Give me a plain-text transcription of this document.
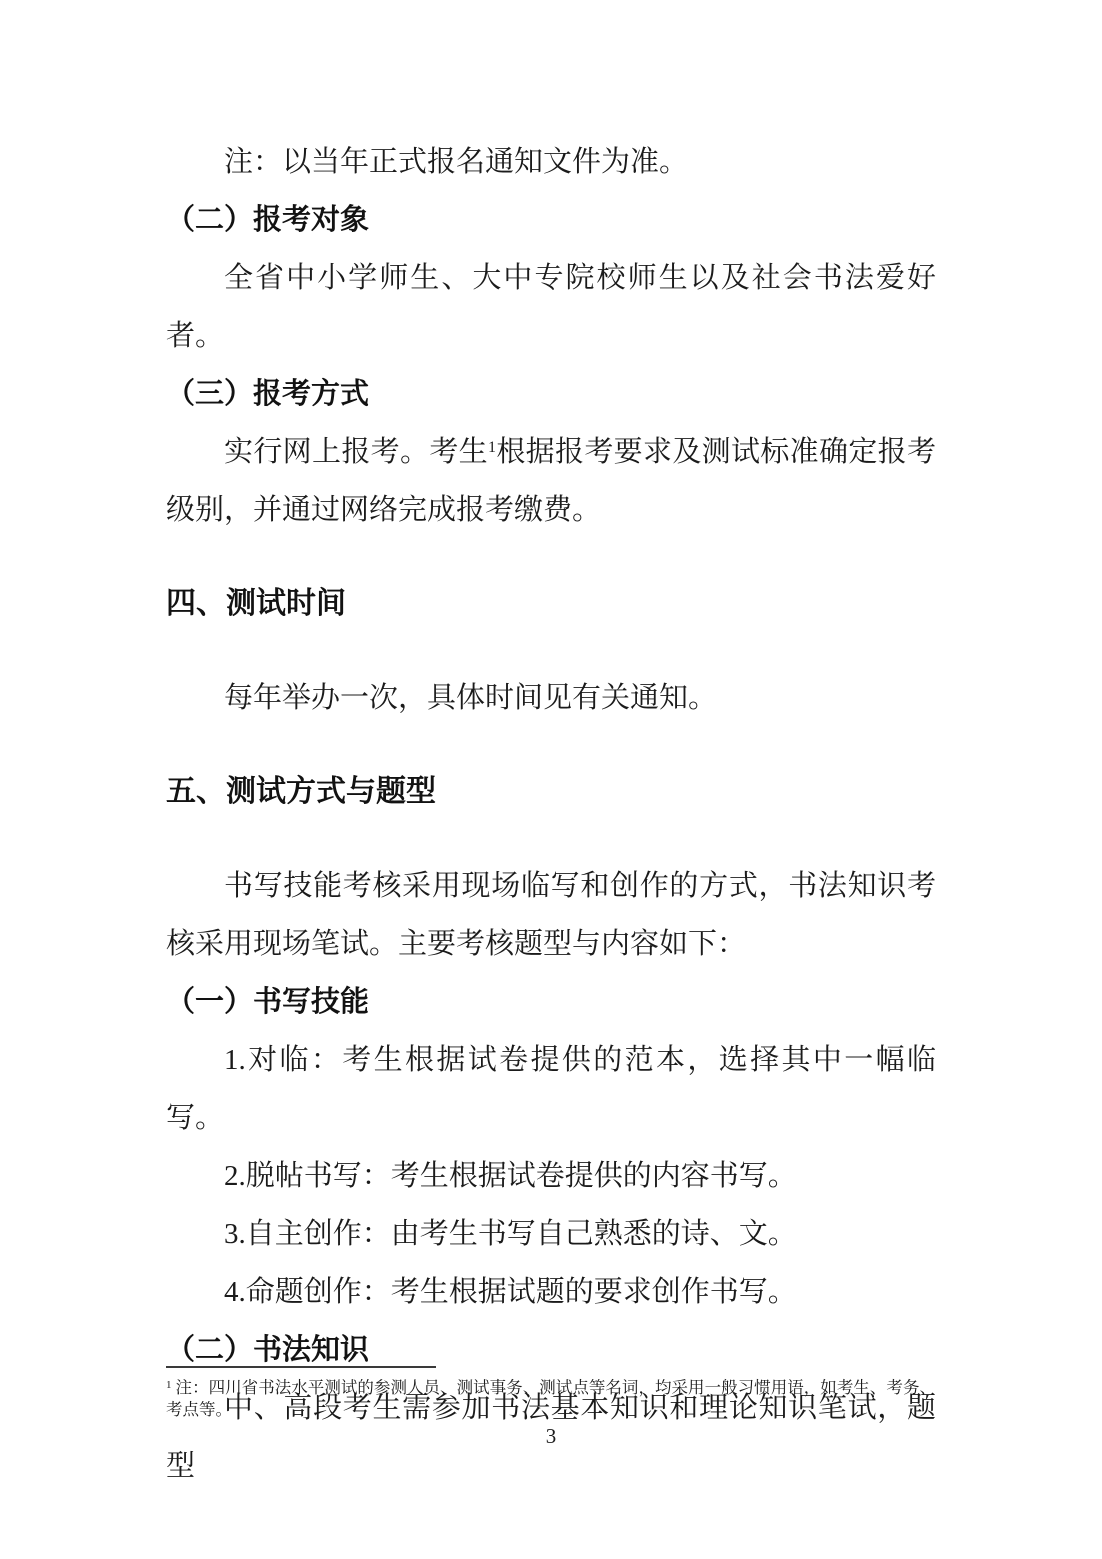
注：以当年正式报名通知文件为准。

（二）报考对象

全省中小学师生、大中专院校师生以及社会书法爱好者。

（三）报考方式

实行网上报考。考生$^1$根据报考要求及测试标准确定报考级别，并通过网络完成报考缴费。

四、测试时间

每年举办一次，具体时间见有关通知。

五、测试方式与题型

书写技能考核采用现场临写和创作的方式，书法知识考核采用现场笔试。主要考核题型与内容如下：

（一）书写技能

1.对临：考生根据试卷提供的范本，选择其中一幅临写。

2.脱帖书写：考生根据试卷提供的内容书写。

3.自主创作：由考生书写自己熟悉的诗、文。

4.命题创作：考生根据试题的要求创作书写。

（二）书法知识

中、高段考生需参加书法基本知识和理论知识笔试，题型

$^1$ 注：四川省书法水平测试的参测人员、测试事务、测试点等名词，均采用一般习惯用语，如考生、考务、考点等。

3
